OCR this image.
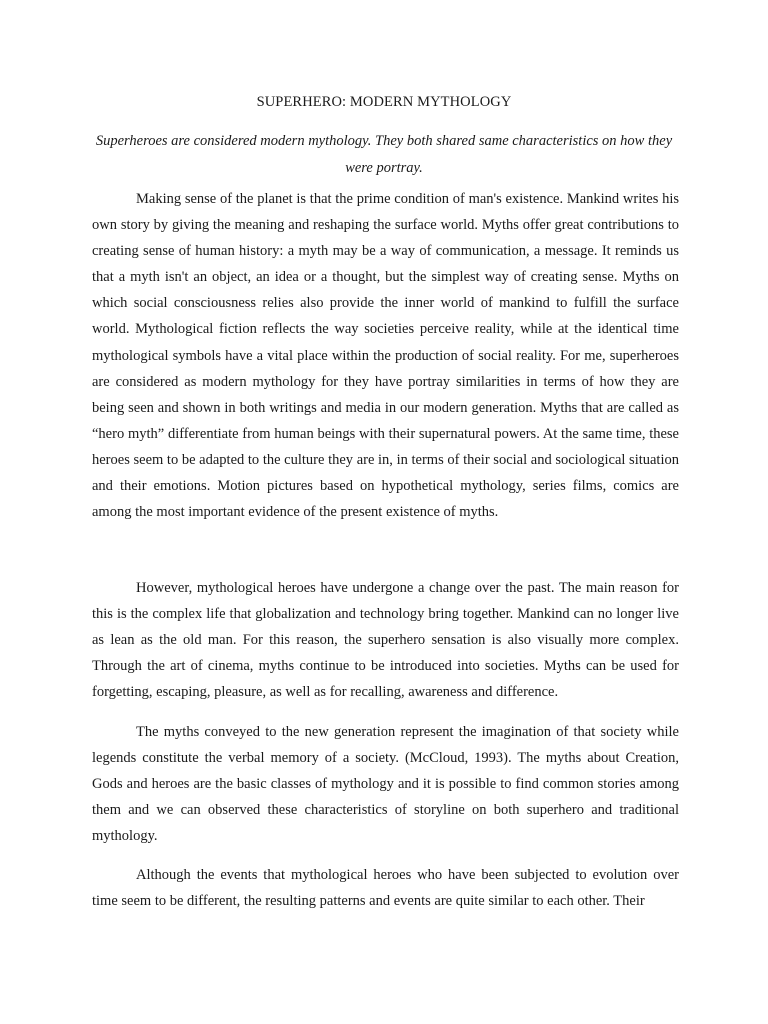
SUPERHERO: MODERN MYTHOLOGY

Superheroes are considered modern mythology. They both shared same characteristics on how they were portray.

Making sense of the planet is that the prime condition of man's existence. Mankind writes his own story by giving the meaning and reshaping the surface world. Myths offer great contributions to creating sense of human history: a myth may be a way of communication, a message. It reminds us that a myth isn't an object, an idea or a thought, but the simplest way of creating sense. Myths on which social consciousness relies also provide the inner world of mankind to fulfill the surface world. Mythological fiction reflects the way societies perceive reality, while at the identical time mythological symbols have a vital place within the production of social reality. For me, superheroes are considered as modern mythology for they have portray similarities in terms of how they are being seen and shown in both writings and media in our modern generation. Myths that are called as “hero myth” differentiate from human beings with their supernatural powers. At the same time, these heroes seem to be adapted to the culture they are in, in terms of their social and sociological situation and their emotions. Motion pictures based on hypothetical mythology, series films, comics are among the most important evidence of the present existence of myths.

However, mythological heroes have undergone a change over the past. The main reason for this is the complex life that globalization and technology bring together. Mankind can no longer live as lean as the old man. For this reason, the superhero sensation is also visually more complex. Through the art of cinema, myths continue to be introduced into societies. Myths can be used for forgetting, escaping, pleasure, as well as for recalling, awareness and difference.

The myths conveyed to the new generation represent the imagination of that society while legends constitute the verbal memory of a society. (McCloud, 1993). The myths about Creation, Gods and heroes are the basic classes of mythology and it is possible to find common stories among them and we can observed these characteristics of storyline on both superhero and traditional mythology.

Although the events that mythological heroes who have been subjected to evolution over time seem to be different, the resulting patterns and events are quite similar to each other. Their
